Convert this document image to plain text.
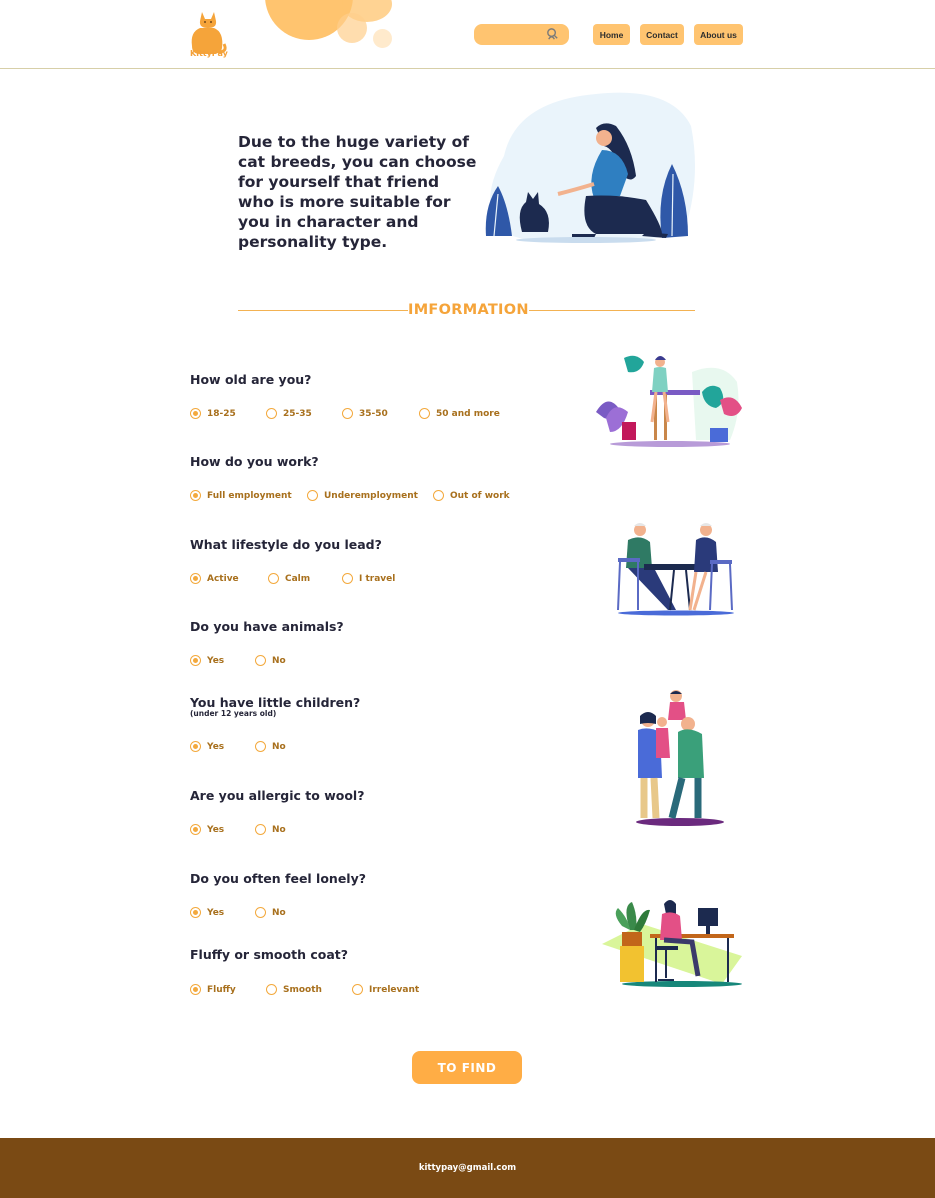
KittyPay
Home	Contact	About us
Due to the huge variety of cat breeds, you can choose for yourself that friend who is more suitable for you in character and personality type.
IMFORMATION
How old are you?
18-25	25-35	35-50	50 and more
How do you work?
Full employment	Underemployment	Out of work
What lifestyle do you lead?
Active	Calm	I travel
Do you have animals?
Yes	No
You have little children?
(under 12 years old)
Yes	No
Are you allergic to wool?
Yes	No
Do you often feel lonely?
Yes	No
Fluffy or smooth coat?
Fluffy	Smooth	Irrelevant
TO FIND
kittypay@gmail.com
